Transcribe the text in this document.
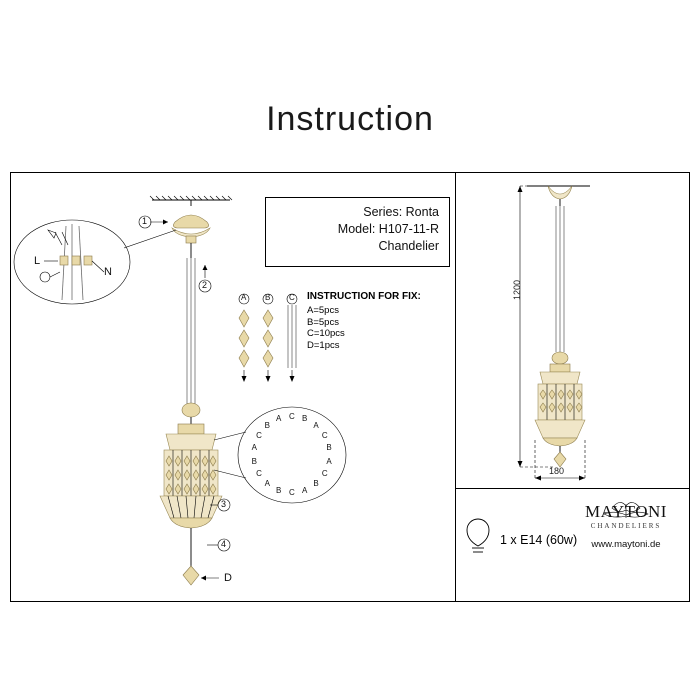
Instruction
Series: Ronta
Model: H107-11-R
Chandelier
INSTRUCTION FOR FIX:
A=5pcs
B=5pcs
C=10pcs
D=1pcs
A B C
1
2
3
4
D
L
N
C B
A
C
B
A
C
B
A
C
B
A
C
B
A
C
B
A
1200
180
1 x E14 (60w)
MAYTONI
CHANDELIERS
www.maytoni.de
